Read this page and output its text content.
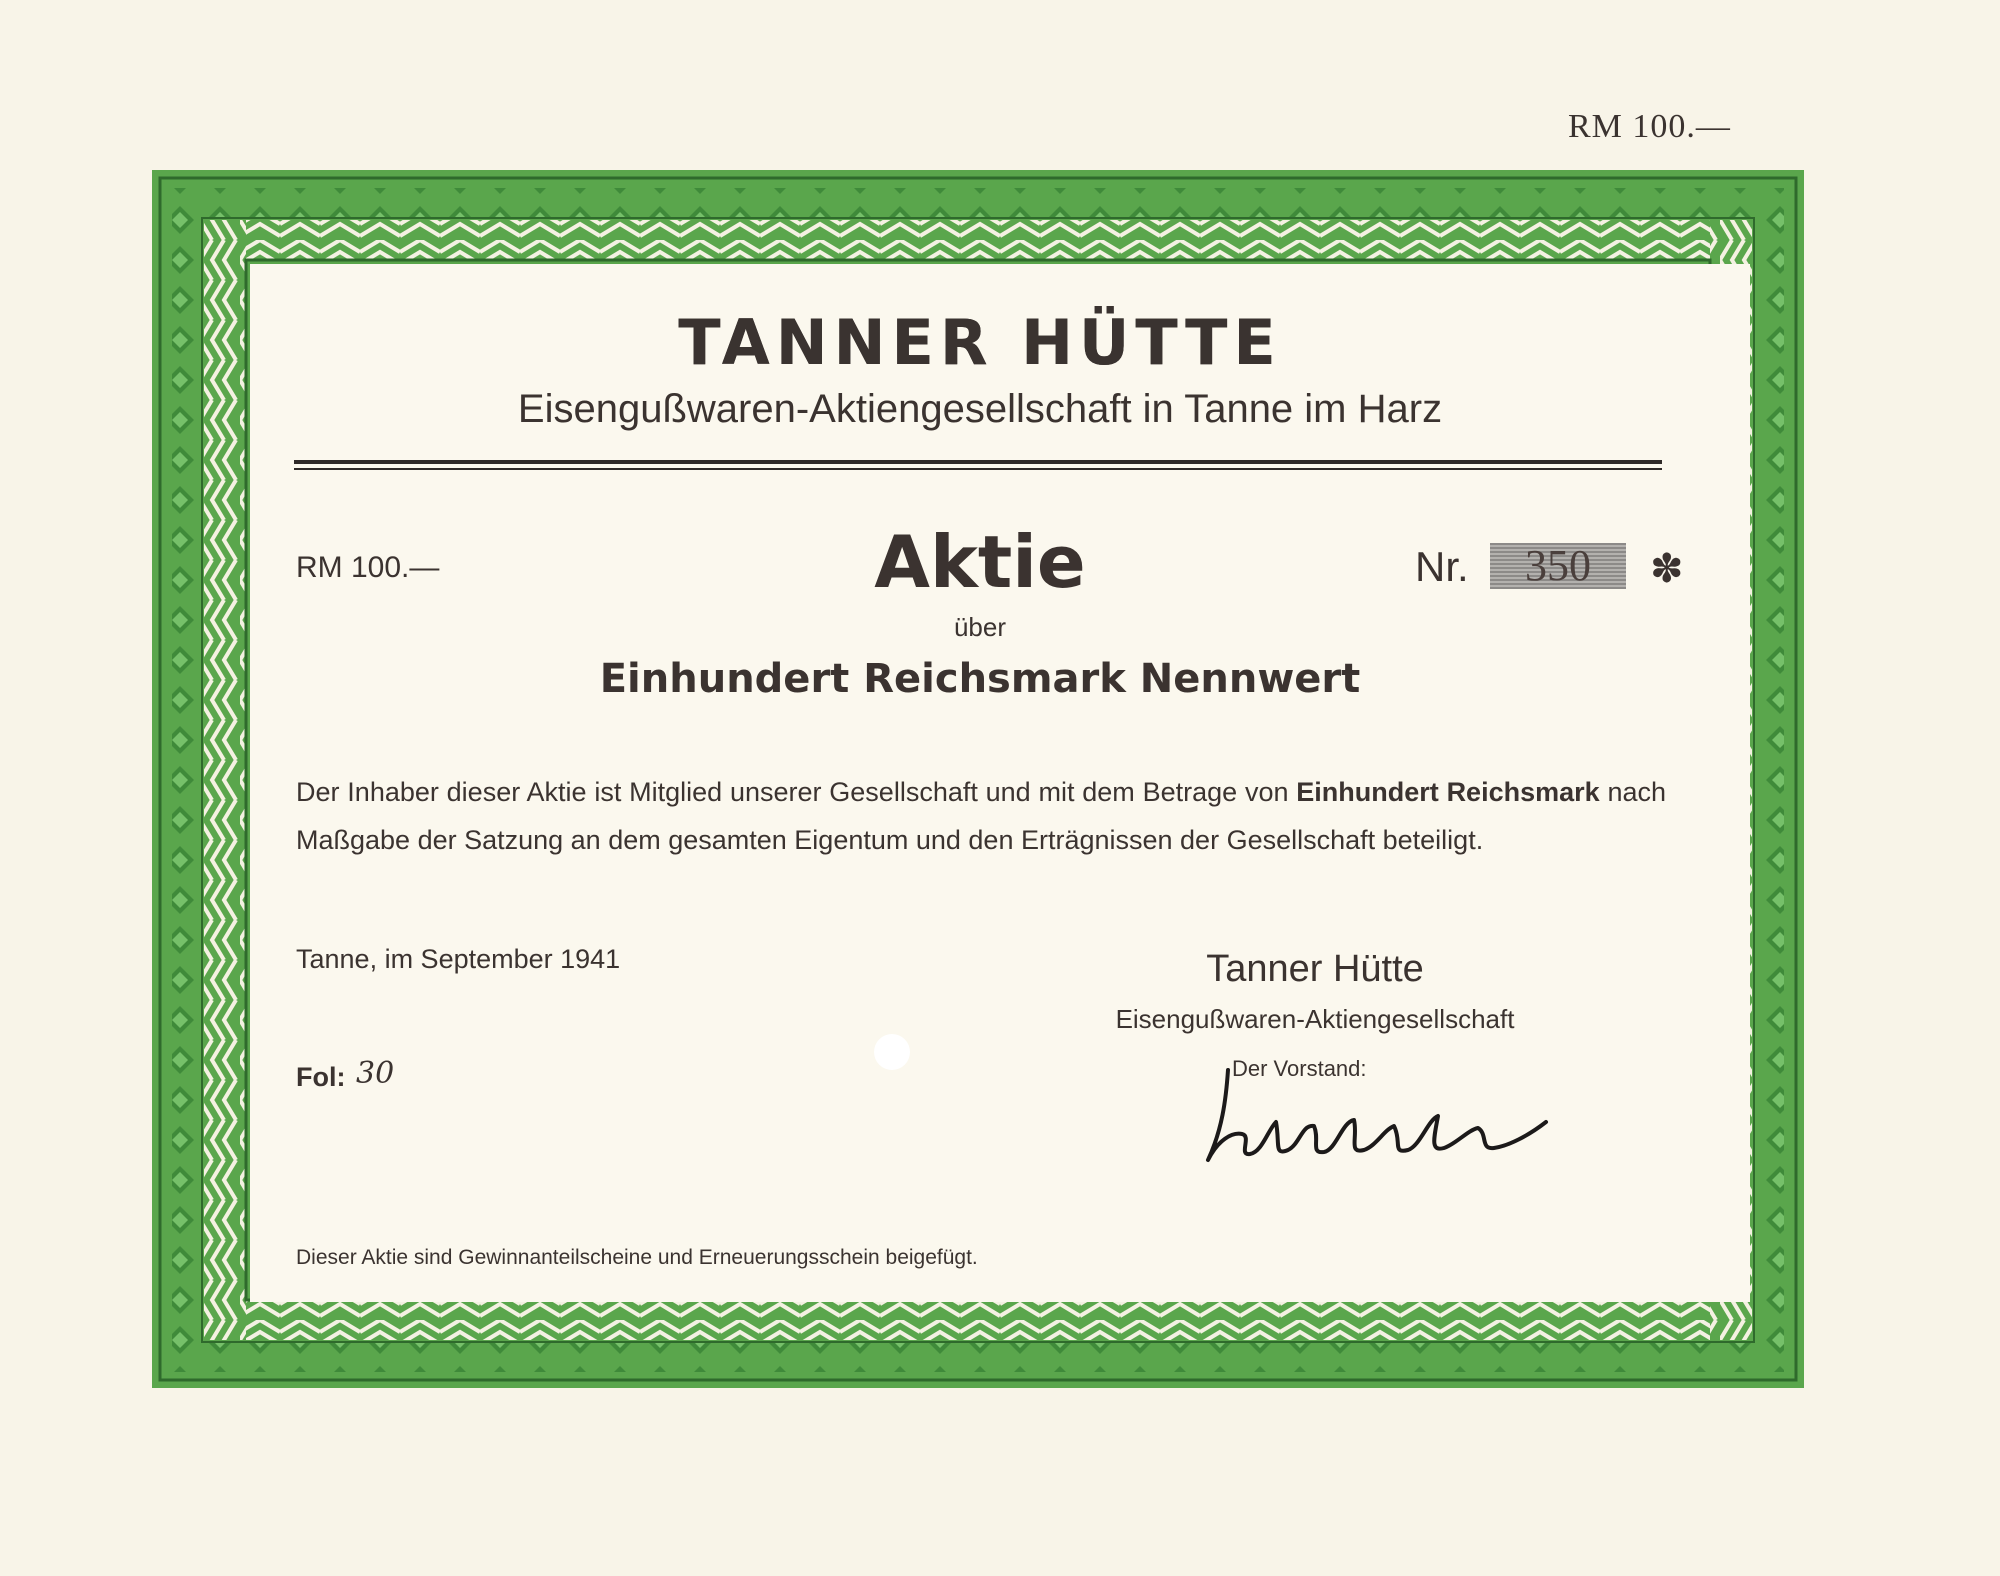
RM 100.—
TANNER HÜTTE
Eisengußwaren-Aktiengesellschaft in Tanne im Harz
RM 100.—	Aktie	Nr.	350	✽
über
Einhundert Reichsmark Nennwert
Der Inhaber dieser Aktie ist Mitglied unserer Gesellschaft und mit dem Betrage von Einhundert Reichsmark nach Maßgabe der Satzung an dem gesamten Eigentum und den Erträgnissen der Gesellschaft beteiligt.
Tanne, im September 1941	Tanner Hütte
Eisengußwaren-Aktiengesellschaft
Der Vorstand:
Fol: 30
Dieser Aktie sind Gewinnanteilscheine und Erneuerungsschein beigefügt.
